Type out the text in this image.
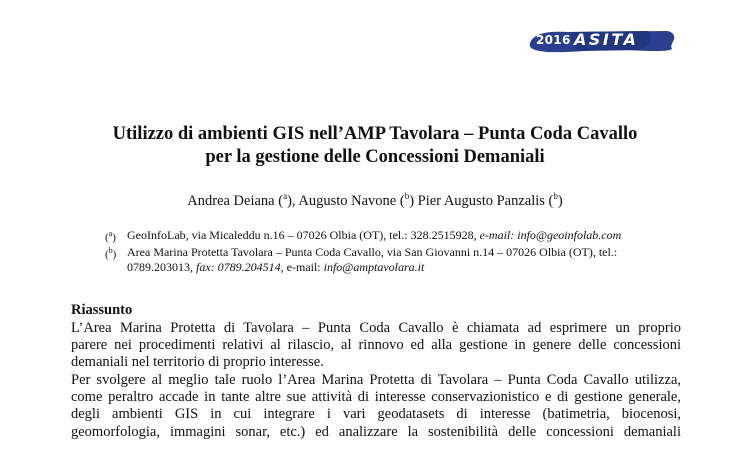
2016 ASITA
Utilizzo di ambienti GIS nell’AMP Tavolara – Punta Coda Cavallo
per la gestione delle Concessioni Demaniali
Andrea Deiana ($^a$), Augusto Navone ($^b$) Pier Augusto Panzalis ($^b$)
($^a$) GeoInfoLab, via Micaleddu n.16 – 07026 Olbia (OT), tel.: 328.2515928, e-mail: info@geoinfolab.com
($^b$) Area Marina Protetta Tavolara – Punta Coda Cavallo, via San Giovanni n.14 – 07026 Olbia (OT), tel.:
0789.203013, fax: 0789.204514, e-mail: info@amptavolara.it
Riassunto

L’Area Marina Protetta di Tavolara – Punta Coda Cavallo è chiamata ad esprimere un proprio
parere nei procedimenti relativi al rilascio, al rinnovo ed alla gestione in genere delle concessioni
demaniali nel territorio di proprio interesse.

Per svolgere al meglio tale ruolo l’Area Marina Protetta di Tavolara – Punta Coda Cavallo utilizza,
come peraltro accade in tante altre sue attività di interesse conservazionistico e di gestione generale,
degli ambienti GIS in cui integrare i vari geodatasets di interesse (batimetria, biocenosi,
geomorfologia, immagini sonar, etc.) ed analizzare la sostenibilità delle concessioni demaniali
